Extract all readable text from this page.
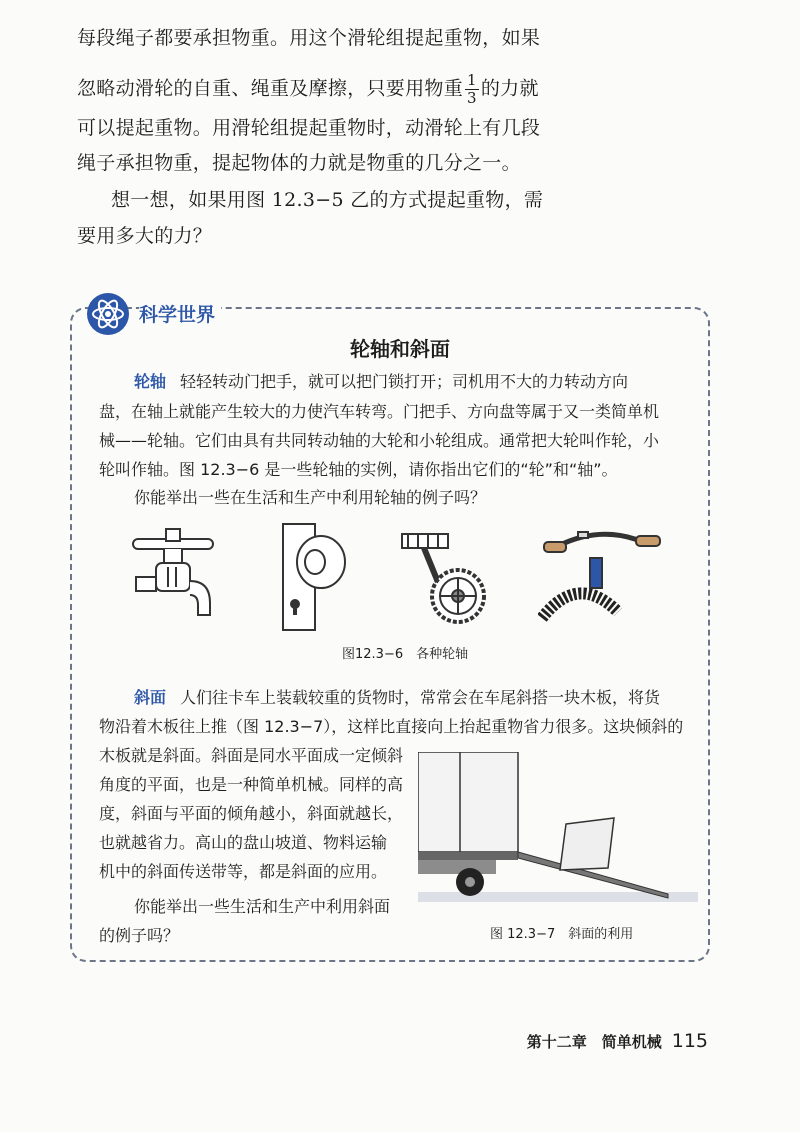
每段绳子都要承担物重。用这个滑轮组提起重物，如果
忽略动滑轮的自重、绳重及摩擦，只要用物重 $\frac{1}{3}$ 的力就
可以提起重物。用滑轮组提起重物时，动滑轮上有几段
绳子承担物重，提起物体的力就是物重的几分之一。
想一想，如果用图 12.3−5 乙的方式提起重物，需
要用多大的力？
科学世界
轮轴和斜面
轮轴 轻轻转动门把手，就可以把门锁打开；司机用不大的力转动方向
盘，在轴上就能产生较大的力使汽车转弯。门把手、方向盘等属于又一类简单机
械——轮轴。它们由具有共同转动轴的大轮和小轮组成。通常把大轮叫作轮，小
轮叫作轴。图 12.3−6 是一些轮轴的实例，请你指出它们的“轮”和“轴”。
你能举出一些在生活和生产中利用轮轴的例子吗？
图12.3−6　各种轮轴
斜面 人们往卡车上装载较重的货物时，常常会在车尾斜搭一块木板，将货
物沿着木板往上推（图 12.3−7），这样比直接向上抬起重物省力很多。这块倾斜的
木板就是斜面。斜面是同水平面成一定倾斜
角度的平面，也是一种简单机械。同样的高
度，斜面与平面的倾角越小，斜面就越长，
也就越省力。高山的盘山坡道、物料运输
机中的斜面传送带等，都是斜面的应用。
你能举出一些生活和生产中利用斜面
的例子吗？	图 12.3−7　斜面的利用
第十二章　简单机械 115
